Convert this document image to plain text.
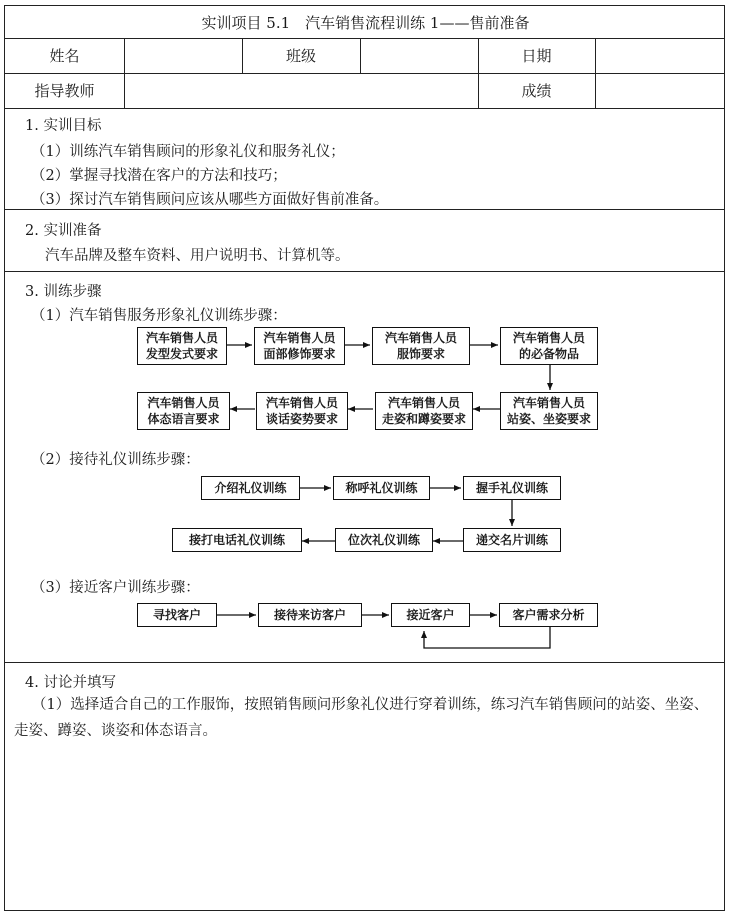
实训项目 5.1　汽车销售流程训练 1——售前准备
姓名	班级	日期
指导教师	成绩
1. 实训目标
（1）训练汽车销售顾问的形象礼仪和服务礼仪；
（2）掌握寻找潜在客户的方法和技巧；
（3）探讨汽车销售顾问应该从哪些方面做好售前准备。
2. 实训准备
汽车品牌及整车资料、用户说明书、计算机等。
3. 训练步骤
（1）汽车销售服务形象礼仪训练步骤：
（2）接待礼仪训练步骤：
（3）接近客户训练步骤：
汽车销售人员
发型发式要求
汽车销售人员
面部修饰要求
汽车销售人员
服饰要求
汽车销售人员
的必备物品
汽车销售人员
站姿、坐姿要求
汽车销售人员
走姿和蹲姿要求
汽车销售人员
谈话姿势要求
汽车销售人员
体态语言要求
介绍礼仪训练	称呼礼仪训练	握手礼仪训练
递交名片训练
位次礼仪训练
接打电话礼仪训练
寻找客户	接待来访客户	接近客户	客户需求分析
4. 讨论并填写
（1）选择适合自己的工作服饰，按照销售顾问形象礼仪进行穿着训练，练习汽车销售顾问的站姿、坐姿、走姿、蹲姿、谈姿和体态语言。
